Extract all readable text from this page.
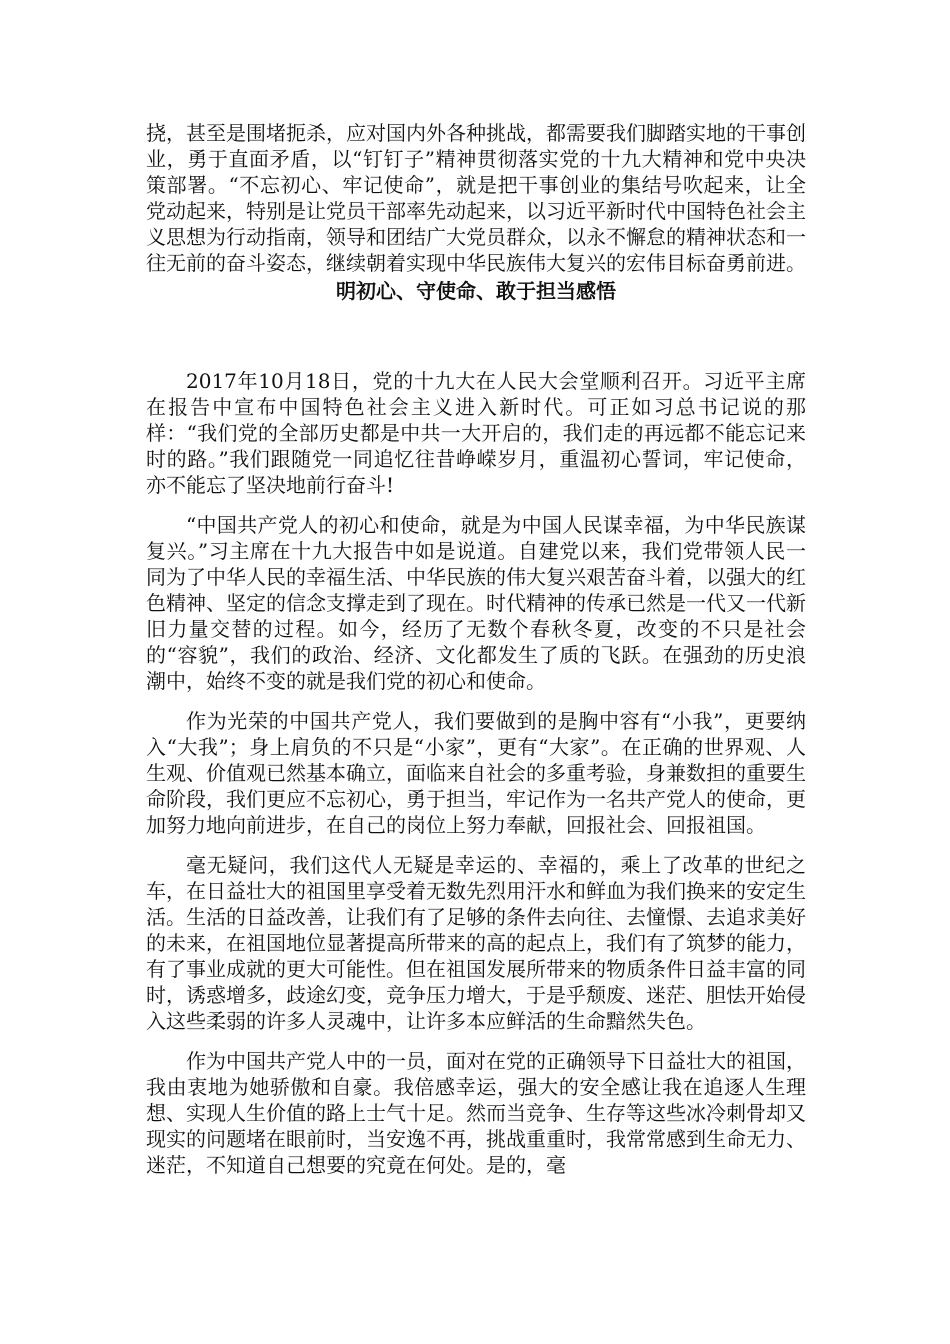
挠，甚至是围堵扼杀，应对国内外各种挑战，都需要我们脚踏实地的干事创业，勇于直面矛盾，以“钉钉子”精神贯彻落实党的十九大精神和党中央决策部署。“不忘初心、牢记使命”，就是把干事创业的集结号吹起来，让全党动起来，特别是让党员干部率先动起来，以习近平新时代中国特色社会主义思想为行动指南，领导和团结广大党员群众，以永不懈怠的精神状态和一往无前的奋斗姿态，继续朝着实现中华民族伟大复兴的宏伟目标奋勇前进。

明初心、守使命、敢于担当感悟

2017年10月18日，党的十九大在人民大会堂顺利召开。习近平主席在报告中宣布中国特色社会主义进入新时代。可正如习总书记说的那样：“我们党的全部历史都是中共一大开启的，我们走的再远都不能忘记来时的路。”我们跟随党一同追忆往昔峥嵘岁月，重温初心誓词，牢记使命，亦不能忘了坚决地前行奋斗!

“中国共产党人的初心和使命，就是为中国人民谋幸福，为中华民族谋复兴。”习主席在十九大报告中如是说道。自建党以来，我们党带领人民一同为了中华人民的幸福生活、中华民族的伟大复兴艰苦奋斗着，以强大的红色精神、坚定的信念支撑走到了现在。时代精神的传承已然是一代又一代新旧力量交替的过程。如今，经历了无数个春秋冬夏，改变的不只是社会的“容貌”，我们的政治、经济、文化都发生了质的飞跃。在强劲的历史浪潮中，始终不变的就是我们党的初心和使命。

作为光荣的中国共产党人，我们要做到的是胸中容有“小我”，更要纳入“大我”；身上肩负的不只是“小家”，更有“大家”。在正确的世界观、人生观、价值观已然基本确立，面临来自社会的多重考验，身兼数担的重要生命阶段，我们更应不忘初心，勇于担当，牢记作为一名共产党人的使命，更加努力地向前进步，在自己的岗位上努力奉献，回报社会、回报祖国。

毫无疑问，我们这代人无疑是幸运的、幸福的，乘上了改革的世纪之车，在日益壮大的祖国里享受着无数先烈用汗水和鲜血为我们换来的安定生活。生活的日益改善，让我们有了足够的条件去向往、去憧憬、去追求美好的未来，在祖国地位显著提高所带来的高的起点上，我们有了筑梦的能力，有了事业成就的更大可能性。但在祖国发展所带来的物质条件日益丰富的同时，诱惑增多，歧途幻变，竞争压力增大，于是乎颓废、迷茫、胆怯开始侵入这些柔弱的许多人灵魂中，让许多本应鲜活的生命黯然失色。

作为中国共产党人中的一员，面对在党的正确领导下日益壮大的祖国，我由衷地为她骄傲和自豪。我倍感幸运，强大的安全感让我在追逐人生理想、实现人生价值的路上士气十足。然而当竞争、生存等这些冰冷刺骨却又现实的问题堵在眼前时，当安逸不再，挑战重重时，我常常感到生命无力、迷茫，不知道自己想要的究竟在何处。是的，毫
